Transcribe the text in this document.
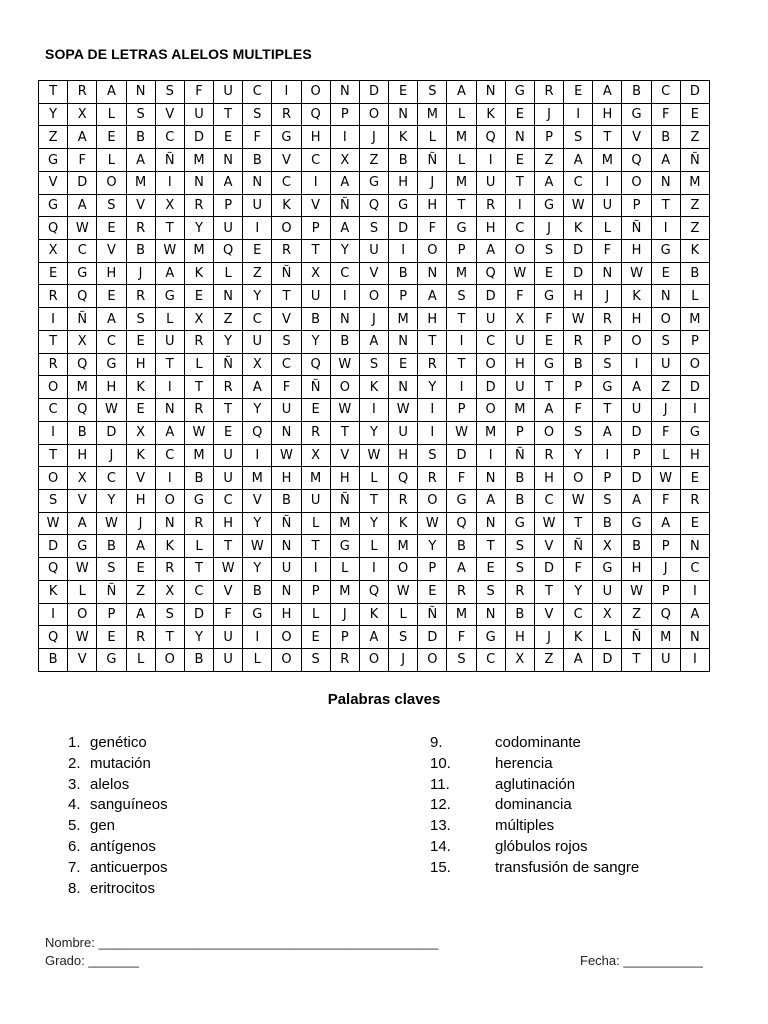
SOPA DE LETRAS ALELOS MULTIPLES
T	R	A	N	S	F	U	C	I	O	N	D	E	S	A	N	G	R	E	A	B	C	D
Y	X	L	S	V	U	T	S	R	Q	P	O	N	M	L	K	E	J	I	H	G	F	E
Z	A	E	B	C	D	E	F	G	H	I	J	K	L	M	Q	N	P	S	T	V	B	Z
G	F	L	A	Ñ	M	N	B	V	C	X	Z	B	Ñ	L	I	E	Z	A	M	Q	A	Ñ
V	D	O	M	I	N	A	N	C	I	A	G	H	J	M	U	T	A	C	I	O	N	M
G	A	S	V	X	R	P	U	K	V	Ñ	Q	G	H	T	R	I	G	W	U	P	T	Z
Q	W	E	R	T	Y	U	I	O	P	A	S	D	F	G	H	C	J	K	L	Ñ	I	Z
X	C	V	B	W	M	Q	E	R	T	Y	U	I	O	P	A	O	S	D	F	H	G	K
E	G	H	J	A	K	L	Z	Ñ	X	C	V	B	N	M	Q	W	E	D	N	W	E	B
R	Q	E	R	G	E	N	Y	T	U	I	O	P	A	S	D	F	G	H	J	K	N	L
I	Ñ	A	S	L	X	Z	C	V	B	N	J	M	H	T	U	X	F	W	R	H	O	M
T	X	C	E	U	R	Y	U	S	Y	B	A	N	T	I	C	U	E	R	P	O	S	P
R	Q	G	H	T	L	Ñ	X	C	Q	W	S	E	R	T	O	H	G	B	S	I	U	O
O	M	H	K	I	T	R	A	F	Ñ	O	K	N	Y	I	D	U	T	P	G	A	Z	D
C	Q	W	E	N	R	T	Y	U	E	W	I	W	I	P	O	M	A	F	T	U	J	I
I	B	D	X	A	W	E	Q	N	R	T	Y	U	I	W	M	P	O	S	A	D	F	G
T	H	J	K	C	M	U	I	W	X	V	W	H	S	D	I	Ñ	R	Y	I	P	L	H
O	X	C	V	I	B	U	M	H	M	H	L	Q	R	F	N	B	H	O	P	D	W	E
S	V	Y	H	O	G	C	V	B	U	Ñ	T	R	O	G	A	B	C	W	S	A	F	R
W	A	W	J	N	R	H	Y	Ñ	L	M	Y	K	W	Q	N	G	W	T	B	G	A	E
D	G	B	A	K	L	T	W	N	T	G	L	M	Y	B	T	S	V	Ñ	X	B	P	N
Q	W	S	E	R	T	W	Y	U	I	L	I	O	P	A	E	S	D	F	G	H	J	C
K	L	Ñ	Z	X	C	V	B	N	P	M	Q	W	E	R	S	R	T	Y	U	W	P	I
I	O	P	A	S	D	F	G	H	L	J	K	L	Ñ	M	N	B	V	C	X	Z	Q	A
Q	W	E	R	T	Y	U	I	O	E	P	A	S	D	F	G	H	J	K	L	Ñ	M	N
B	V	G	L	O	B	U	L	O	S	R	O	J	O	S	C	X	Z	A	D	T	U	I
Palabras claves
1. genético
2. mutación
3. alelos
4. sanguíneos
5. gen
6. antígenos
7. anticuerpos
8. eritrocitos
9.	codominante
10.	herencia
11.	aglutinación
12.	dominancia
13.	múltiples
14.	glóbulos rojos
15.	transfusión de sangre
Nombre: _______________________________________________
Grado: _______	Fecha: ___________
